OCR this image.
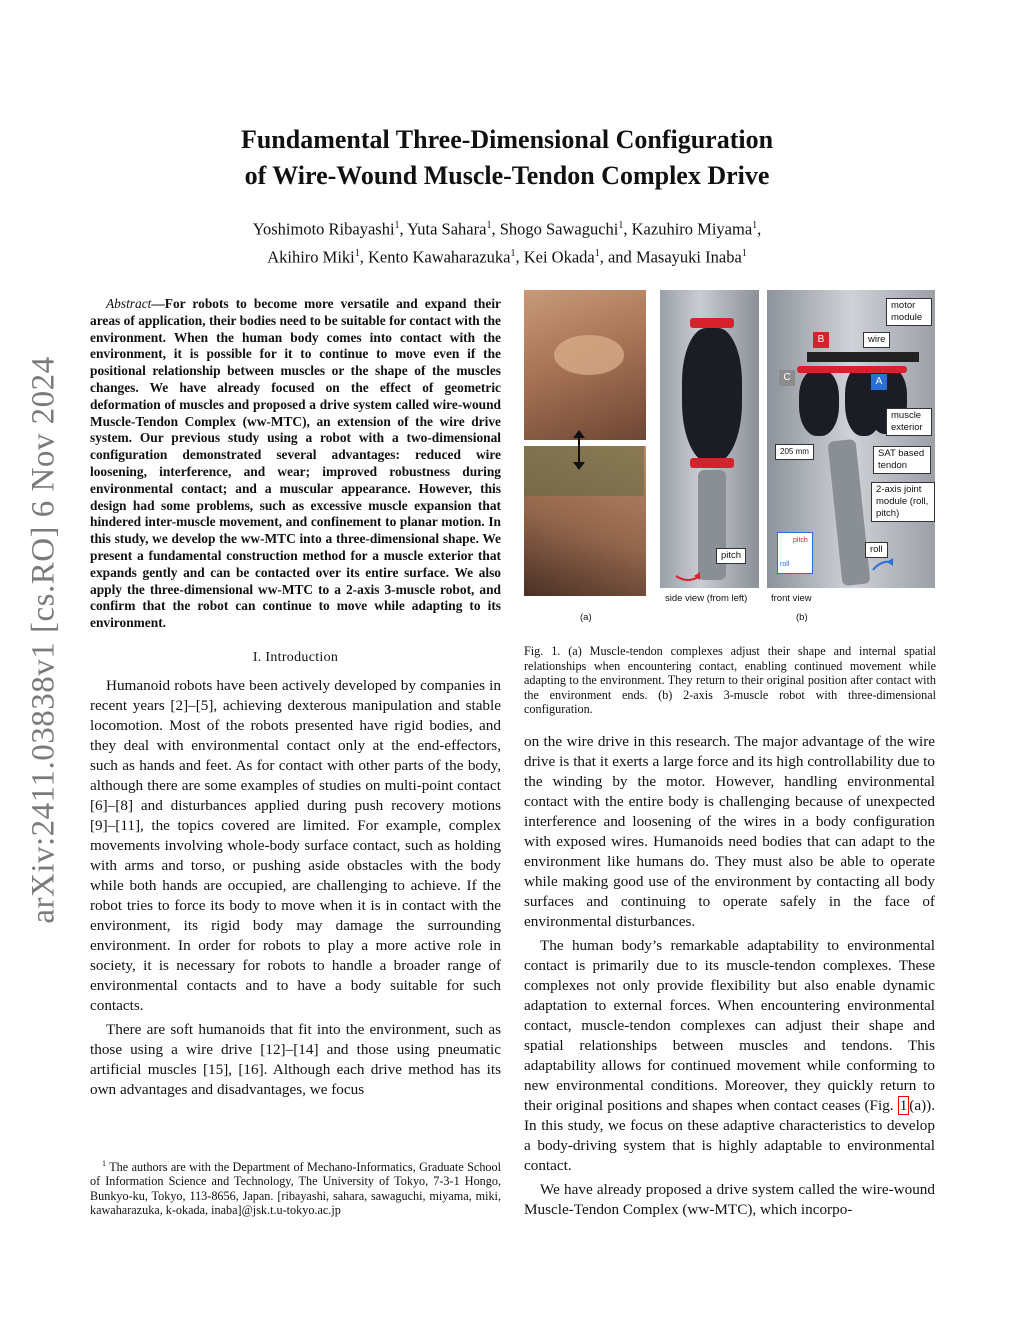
arXiv:2411.03838v1 [cs.RO] 6 Nov 2024
Fundamental Three-Dimensional Configuration
of Wire-Wound Muscle-Tendon Complex Drive
Yoshimoto Ribayashi$^1$, Yuta Sahara$^1$, Shogo Sawaguchi$^1$, Kazuhiro Miyama$^1$,
Akihiro Miki$^1$, Kento Kawaharazuka$^1$, Kei Okada$^1$, and Masayuki Inaba$^1$

Abstract—For robots to become more versatile and expand their areas of application, their bodies need to be suitable for contact with the environment. When the human body comes into contact with the environment, it is possible for it to continue to move even if the positional relationship between muscles or the shape of the muscles changes. We have already focused on the effect of geometric deformation of muscles and proposed a drive system called wire-wound Muscle-Tendon Complex (ww-MTC), an extension of the wire drive system. Our previous study using a robot with a two-dimensional configuration demonstrated several advantages: reduced wire loosening, interference, and wear; improved robustness during environmental contact; and a muscular appearance. However, this design had some problems, such as excessive muscle expansion that hindered inter-muscle movement, and confinement to planar motion. In this study, we develop the ww-MTC into a three-dimensional shape. We present a fundamental construction method for a muscle exterior that expands gently and can be contacted over its entire surface. We also apply the three-dimensional ww-MTC to a 2-axis 3-muscle robot, and confirm that the robot can continue to move while adapting to its environment.

I. Introduction

Humanoid robots have been actively developed by companies in recent years [2]–[5], achieving dexterous manipulation and stable locomotion. Most of the robots presented have rigid bodies, and they deal with environmental contact only at the end-effectors, such as hands and feet. As for contact with other parts of the body, although there are some examples of studies on multi-point contact [6]–[8] and disturbances applied during push recovery motions [9]–[11], the topics covered are limited. For example, complex movements involving whole-body surface contact, such as holding with arms and torso, or pushing aside obstacles with the body while both hands are occupied, are challenging to achieve. If the robot tries to force its body to move when it is in contact with the environment, its rigid body may damage the surrounding environment. In order for robots to play a more active role in society, it is necessary for robots to handle a broader range of environmental contacts and to have a body suitable for such contacts.

There are soft humanoids that fit into the environment, such as those using a wire drive [12]–[14] and those using pneumatic artificial muscles [15], [16]. Although each drive method has its own advantages and disadvantages, we focus

$^1$ The authors are with the Department of Mechano-Informatics, Graduate School of Information Science and Technology, The University of Tokyo, 7-3-1 Hongo, Bunkyo-ku, Tokyo, 113-8656, Japan. [ribayashi, sahara, sawaguchi, miyama, miki, kawaharazuka, k-okada, inaba]@jsk.t.u-tokyo.ac.jp
pitch
B
C	A
motor module
wire
muscle exterior
SAT based tendon
205 mm
2-axis joint module (roll, pitch)
roll
pitch
roll
side view (from left) front view
(a)	(b)
Fig. 1. (a) Muscle-tendon complexes adjust their shape and internal spatial relationships when encountering contact, enabling continued movement while adapting to the environment. They return to their original position after contact with the environment ends. (b) 2-axis 3-muscle robot with three-dimensional configuration.

on the wire drive in this research. The major advantage of the wire drive is that it exerts a large force and its high controllability due to the winding by the motor. However, handling environmental contact with the entire body is challenging because of unexpected interference and loosening of the wires in a body configuration with exposed wires. Humanoids need bodies that can adapt to the environment like humans do. They must also be able to operate while making good use of the environment by contacting all body surfaces and continuing to operate safely in the face of environmental disturbances.

The human body’s remarkable adaptability to environmental contact is primarily due to its muscle-tendon complexes. These complexes not only provide flexibility but also enable dynamic adaptation to external forces. When encountering environmental contact, muscle-tendon complexes can adjust their shape and spatial relationships between muscles and tendons. This adaptability allows for continued movement while conforming to new environmental conditions. Moreover, they quickly return to their original positions and shapes when contact ceases (Fig. 1 (a)). In this study, we focus on these adaptive characteristics to develop a body-driving system that is highly adaptable to environmental contact.

We have already proposed a drive system called the wire-wound Muscle-Tendon Complex (ww-MTC), which incorpo-
